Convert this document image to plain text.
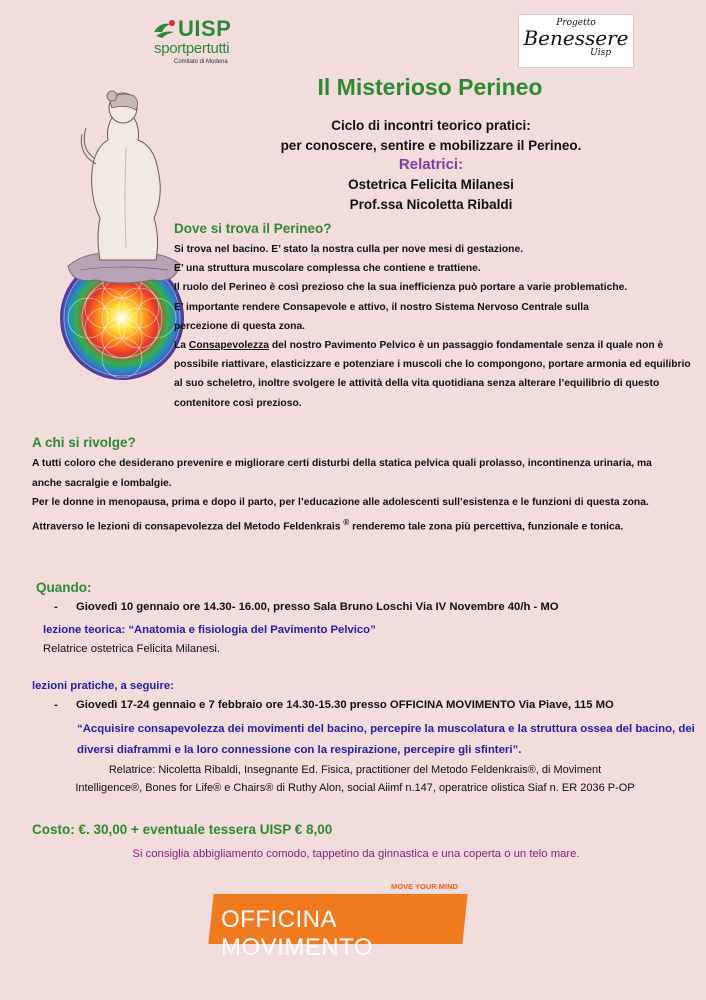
UISP
sportpertutti
Comitato di Modena
Progetto
Benessere
Uisp
Il Misterioso Perineo
Ciclo di incontri teorico pratici:
per conoscere, sentire e mobilizzare il Perineo.
Relatrici:
Ostetrica Felicita Milanesi
Prof.ssa Nicoletta Ribaldi
Dove si trova il Perineo?
Si trova nel bacino. E’ stato la nostra culla per nove mesi di gestazione.
E’ una struttura muscolare complessa che contiene e trattiene.
Il ruolo del Perineo è così prezioso che la sua inefficienza può portare a varie problematiche.
E’ importante rendere Consapevole e attivo, il nostro Sistema Nervoso Centrale sulla
percezione di questa zona.
La Consapevolezza del nostro Pavimento Pelvico è un passaggio fondamentale senza il quale non è possibile riattivare, elasticizzare e potenziare i muscoli che lo compongono, portare armonia ed equilibrio al suo scheletro, inoltre svolgere le attività della vita quotidiana senza alterare l’equilibrio di questo contenitore così prezioso.
A chi si rivolge?
A tutti coloro che desiderano prevenire e migliorare certi disturbi della statica pelvica quali prolasso, incontinenza urinaria, ma anche sacralgie e lombalgie.
Per le donne in menopausa, prima e dopo il parto, per l’educazione alle adolescenti sull’esistenza e le funzioni di questa zona.
Attraverso le lezioni di consapevolezza del Metodo Feldenkrais ® renderemo tale zona più percettiva, funzionale e tonica.
Quando:
- Giovedì 10 gennaio ore 14.30- 16.00, presso Sala Bruno Loschi Via IV Novembre 40/h - MO
lezione teorica: “Anatomia e fisiologia del Pavimento Pelvico”
Relatrice ostetrica Felicita Milanesi.
lezioni pratiche, a seguire:
- Giovedì 17-24 gennaio e 7 febbraio ore 14.30-15.30 presso OFFICINA MOVIMENTO Via Piave, 115 MO
“Acquisire consapevolezza dei movimenti del bacino, percepire la muscolatura e la struttura ossea del bacino, dei diversi diaframmi e la loro connessione con la respirazione, percepire gli sfinteri”.
Relatrice: Nicoletta Ribaldi, Insegnante Ed. Fisica, practitioner del Metodo Feldenkrais®, di Moviment
Intelligence®, Bones for Life® e Chairs® di Ruthy Alon, social Aiimf n.147, operatrice olistica Siaf n. ER 2036 P-OP
Costo: €. 30,00 + eventuale tessera UISP € 8,00
Si consiglia abbigliamento comodo, tappetino da ginnastica e una coperta o un telo mare.
MOVE YOUR MIND
OFFICINA MOVIMENTO
